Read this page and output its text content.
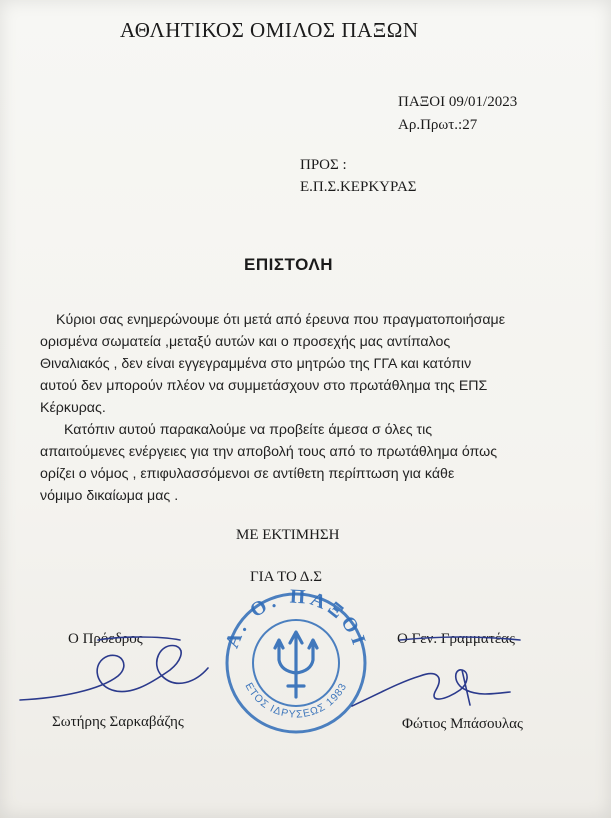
ΑΘΛΗΤΙΚΟΣ ΟΜΙΛΟΣ ΠΑΞΩΝ
ΠΑΞΟΙ 09/01/2023
Αρ.Πρωτ.:27
ΠΡΟΣ :
Ε.Π.Σ.ΚΕΡΚΥΡΑΣ
ΕΠΙΣΤΟΛΗ
Κύριοι σας ενημερώνουμε ότι μετά από έρευνα που πραγματοποιήσαμε
ορισμένα σωματεία ,μεταξύ αυτών και ο προσεχής μας αντίπαλος
Θιναλιακός , δεν είναι εγγεγραμμένα στο μητρώο της ΓΓΑ και κατόπιν
αυτού δεν μπορούν πλέον να συμμετάσχουν στο πρωτάθλημα της ΕΠΣ
Κέρκυρας.
Κατόπιν αυτού παρακαλούμε να προβείτε άμεσα σ όλες τις
απαιτούμενες ενέργειες για την αποβολή τους από το πρωτάθλημα όπως
ορίζει ο νόμος , επιφυλασσόμενοι σε αντίθετη περίπτωση για κάθε
νόμιμο δικαίωμα μας .
ΜΕ ΕΚΤΙΜΗΣΗ
ΓΙΑ ΤΟ Δ.Σ
Ο Πρόεδρος	Ο Γεν. Γραμματέας
Α. Ο. ΠΑΞΟΙ
ΕΤΟΣ ΙΔΡΥΣΕΩΣ 1983
Σωτήρης Σαρκαβάζης	Φώτιος Μπάσουλας
